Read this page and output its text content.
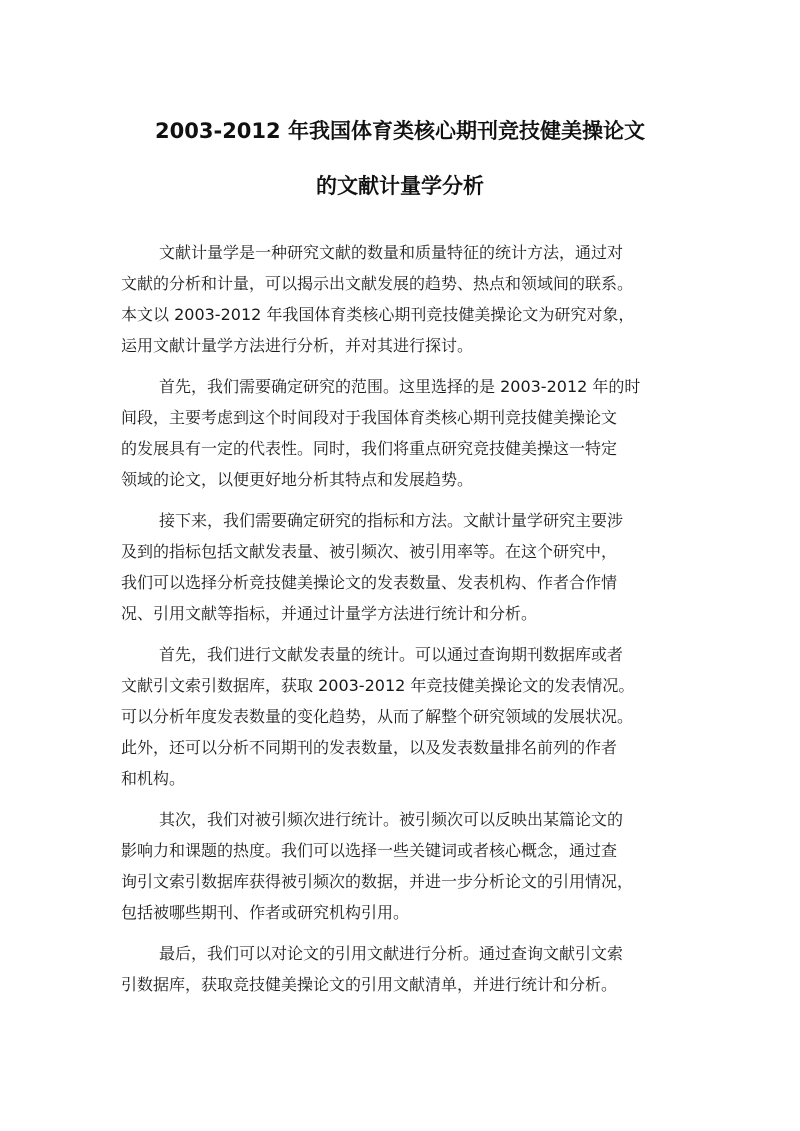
2003-2012 年我国体育类核心期刊竞技健美操论文
的文献计量学分析
文献计量学是一种研究文献的数量和质量特征的统计方法，通过对
文献的分析和计量，可以揭示出文献发展的趋势、热点和领域间的联系。
本文以 2003-2012 年我国体育类核心期刊竞技健美操论文为研究对象，
运用文献计量学方法进行分析，并对其进行探讨。
首先，我们需要确定研究的范围。这里选择的是 2003-2012 年的时
间段，主要考虑到这个时间段对于我国体育类核心期刊竞技健美操论文
的发展具有一定的代表性。同时，我们将重点研究竞技健美操这一特定
领域的论文，以便更好地分析其特点和发展趋势。
接下来，我们需要确定研究的指标和方法。文献计量学研究主要涉
及到的指标包括文献发表量、被引频次、被引用率等。在这个研究中，
我们可以选择分析竞技健美操论文的发表数量、发表机构、作者合作情
况、引用文献等指标，并通过计量学方法进行统计和分析。
首先，我们进行文献发表量的统计。可以通过查询期刊数据库或者
文献引文索引数据库，获取 2003-2012 年竞技健美操论文的发表情况。
可以分析年度发表数量的变化趋势，从而了解整个研究领域的发展状况。
此外，还可以分析不同期刊的发表数量，以及发表数量排名前列的作者
和机构。
其次，我们对被引频次进行统计。被引频次可以反映出某篇论文的
影响力和课题的热度。我们可以选择一些关键词或者核心概念，通过查
询引文索引数据库获得被引频次的数据，并进一步分析论文的引用情况，
包括被哪些期刊、作者或研究机构引用。
最后，我们可以对论文的引用文献进行分析。通过查询文献引文索
引数据库，获取竞技健美操论文的引用文献清单，并进行统计和分析。
